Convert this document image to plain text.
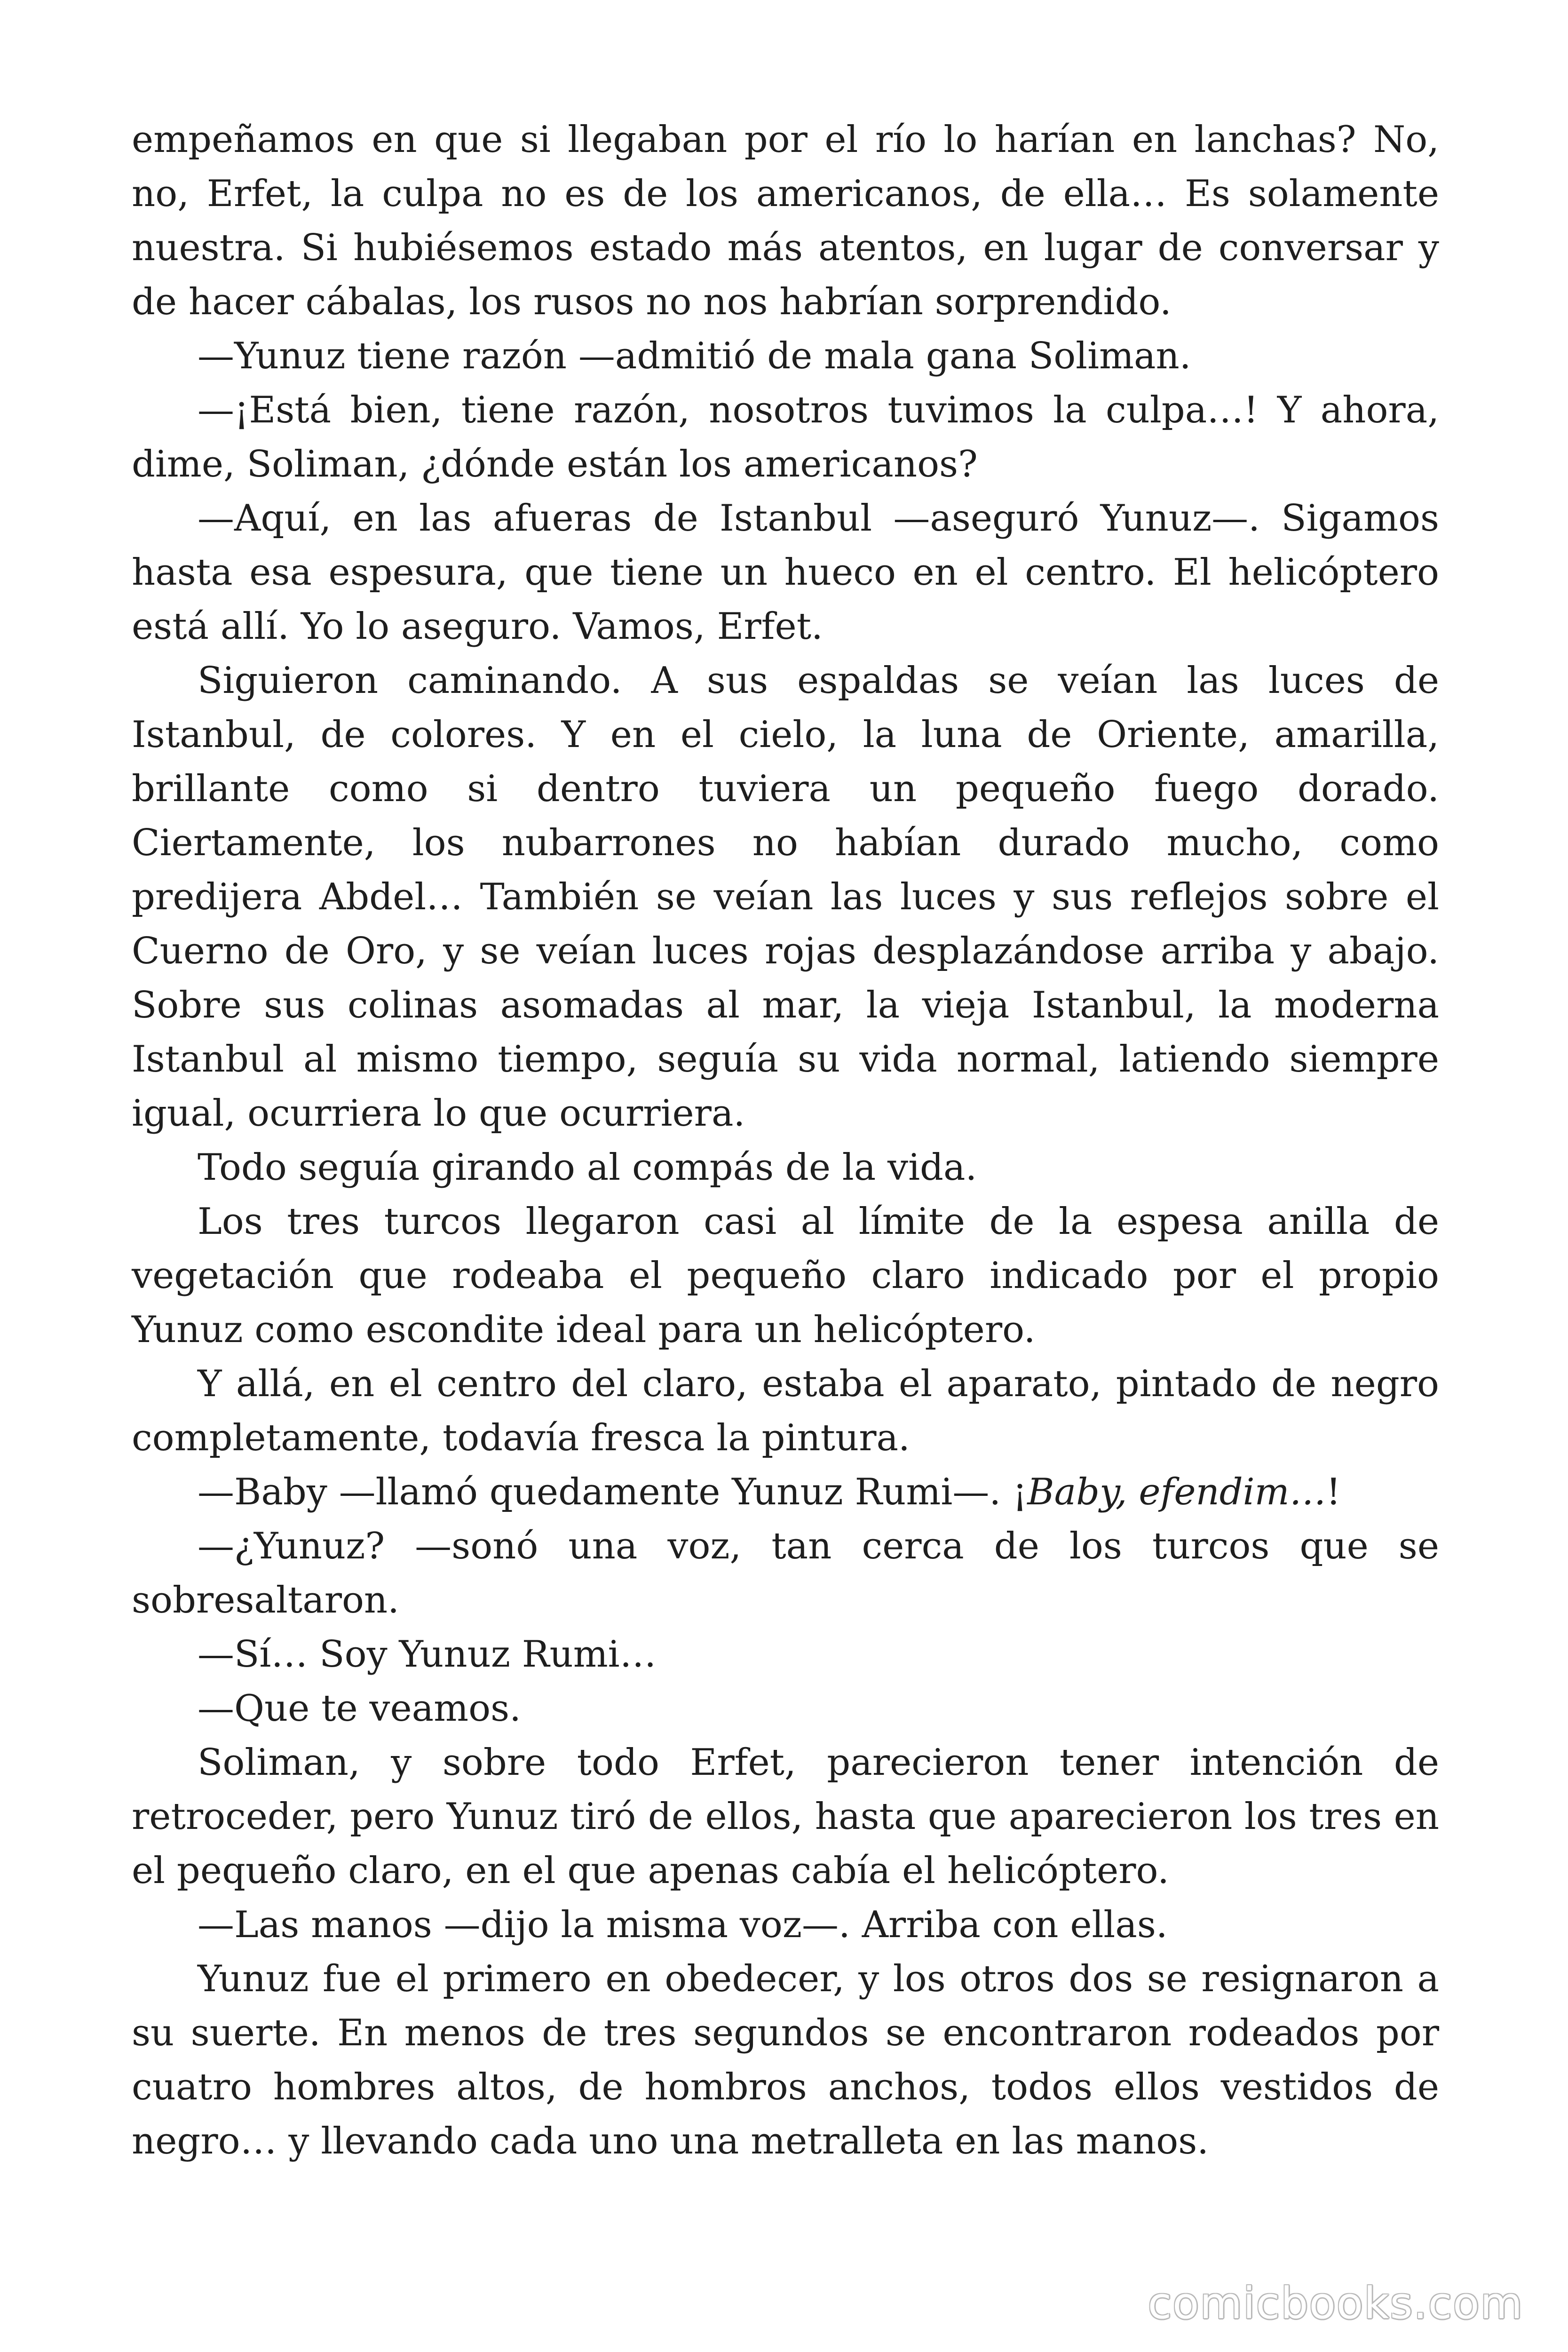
empeñamos en que si llegaban por el río lo harían en lanchas? No, no, Erfet, la culpa no es de los americanos, de ella… Es solamente nuestra. Si hubiésemos estado más atentos, en lugar de conversar y de hacer cábalas, los rusos no nos habrían sorprendido.

—Yunuz tiene razón —admitió de mala gana Soliman.

—¡Está bien, tiene razón, nosotros tuvimos la culpa…! Y ahora, dime, Soliman, ¿dónde están los americanos?

—Aquí, en las afueras de Istanbul —aseguró Yunuz—. Sigamos hasta esa espesura, que tiene un hueco en el centro. El helicóptero está allí. Yo lo aseguro. Vamos, Erfet.

Siguieron caminando. A sus espaldas se veían las luces de Istanbul, de colores. Y en el cielo, la luna de Oriente, amarilla, brillante como si dentro tuviera un pequeño fuego dorado. Ciertamente, los nubarrones no habían durado mucho, como predijera Abdel… También se veían las luces y sus reflejos sobre el Cuerno de Oro, y se veían luces rojas desplazándose arriba y abajo. Sobre sus colinas asomadas al mar, la vieja Istanbul, la moderna Istanbul al mismo tiempo, seguía su vida normal, latiendo siempre igual, ocurriera lo que ocurriera.

Todo seguía girando al compás de la vida.

Los tres turcos llegaron casi al límite de la espesa anilla de vegetación que rodeaba el pequeño claro indicado por el propio Yunuz como escondite ideal para un helicóptero.

Y allá, en el centro del claro, estaba el aparato, pintado de negro completamente, todavía fresca la pintura.

—Baby —llamó quedamente Yunuz Rumi—. ¡Baby, efendim…!

—¿Yunuz? —sonó una voz, tan cerca de los turcos que se sobresaltaron.

—Sí… Soy Yunuz Rumi…

—Que te veamos.

Soliman, y sobre todo Erfet, parecieron tener intención de retroceder, pero Yunuz tiró de ellos, hasta que aparecieron los tres en el pequeño claro, en el que apenas cabía el helicóptero.

—Las manos —dijo la misma voz—. Arriba con ellas.

Yunuz fue el primero en obedecer, y los otros dos se resignaron a su suerte. En menos de tres segundos se encontraron rodeados por cuatro hombres altos, de hombros anchos, todos ellos vestidos de negro… y llevando cada uno una metralleta en las manos.

comicbooks.com
